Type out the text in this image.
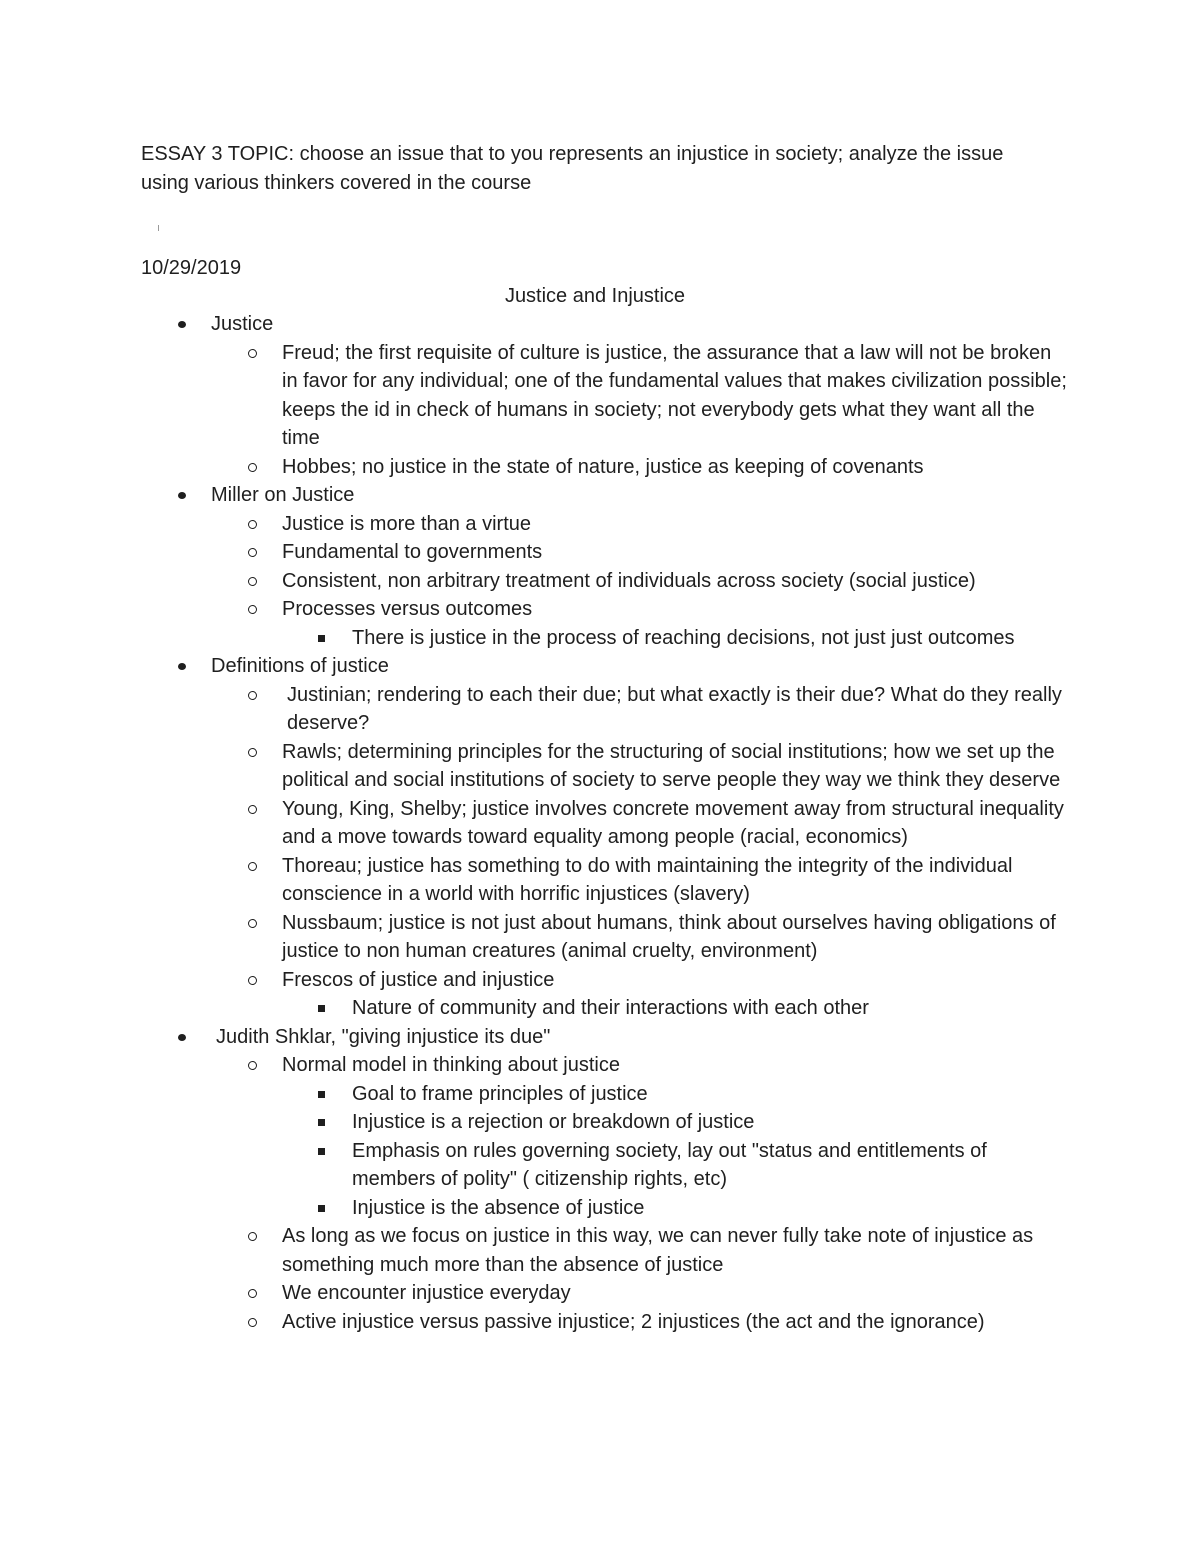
ESSAY 3 TOPIC: choose an issue that to you represents an injustice in society; analyze the issue using various thinkers covered in the course

10/29/2019

Justice and Injustice

Justice
Freud; the first requisite of culture is justice, the assurance that a law will not be broken in favor for any individual; one of the fundamental values that makes civilization possible; keeps the id in check of humans in society; not everybody gets what they want all the time
Hobbes; no justice in the state of nature, justice as keeping of covenants
Miller on Justice
Justice is more than a virtue
Fundamental to governments
Consistent, non arbitrary treatment of individuals across society (social justice)
Processes versus outcomes
There is justice in the process of reaching decisions, not just just outcomes
Definitions of justice
Justinian; rendering to each their due; but what exactly is their due? What do they really deserve?
Rawls; determining principles for the structuring of social institutions; how we set up the political and social institutions of society to serve people they way we think they deserve
Young, King, Shelby; justice involves concrete movement away from structural inequality and a move towards toward equality among people (racial, economics)
Thoreau; justice has something to do with maintaining the integrity of the individual conscience in a world with horrific injustices (slavery)
Nussbaum; justice is not just about humans, think about ourselves having obligations of justice to non human creatures (animal cruelty, environment)
Frescos of justice and injustice
Nature of community and their interactions with each other
Judith Shklar, "giving injustice its due"
Normal model in thinking about justice
Goal to frame principles of justice
Injustice is a rejection or breakdown of justice
Emphasis on rules governing society, lay out "status and entitlements of members of polity" ( citizenship rights, etc)
Injustice is the absence of justice
As long as we focus on justice in this way, we can never fully take note of injustice as something much more than the absence of justice
We encounter injustice everyday
Active injustice versus passive injustice; 2 injustices (the act and the ignorance)
